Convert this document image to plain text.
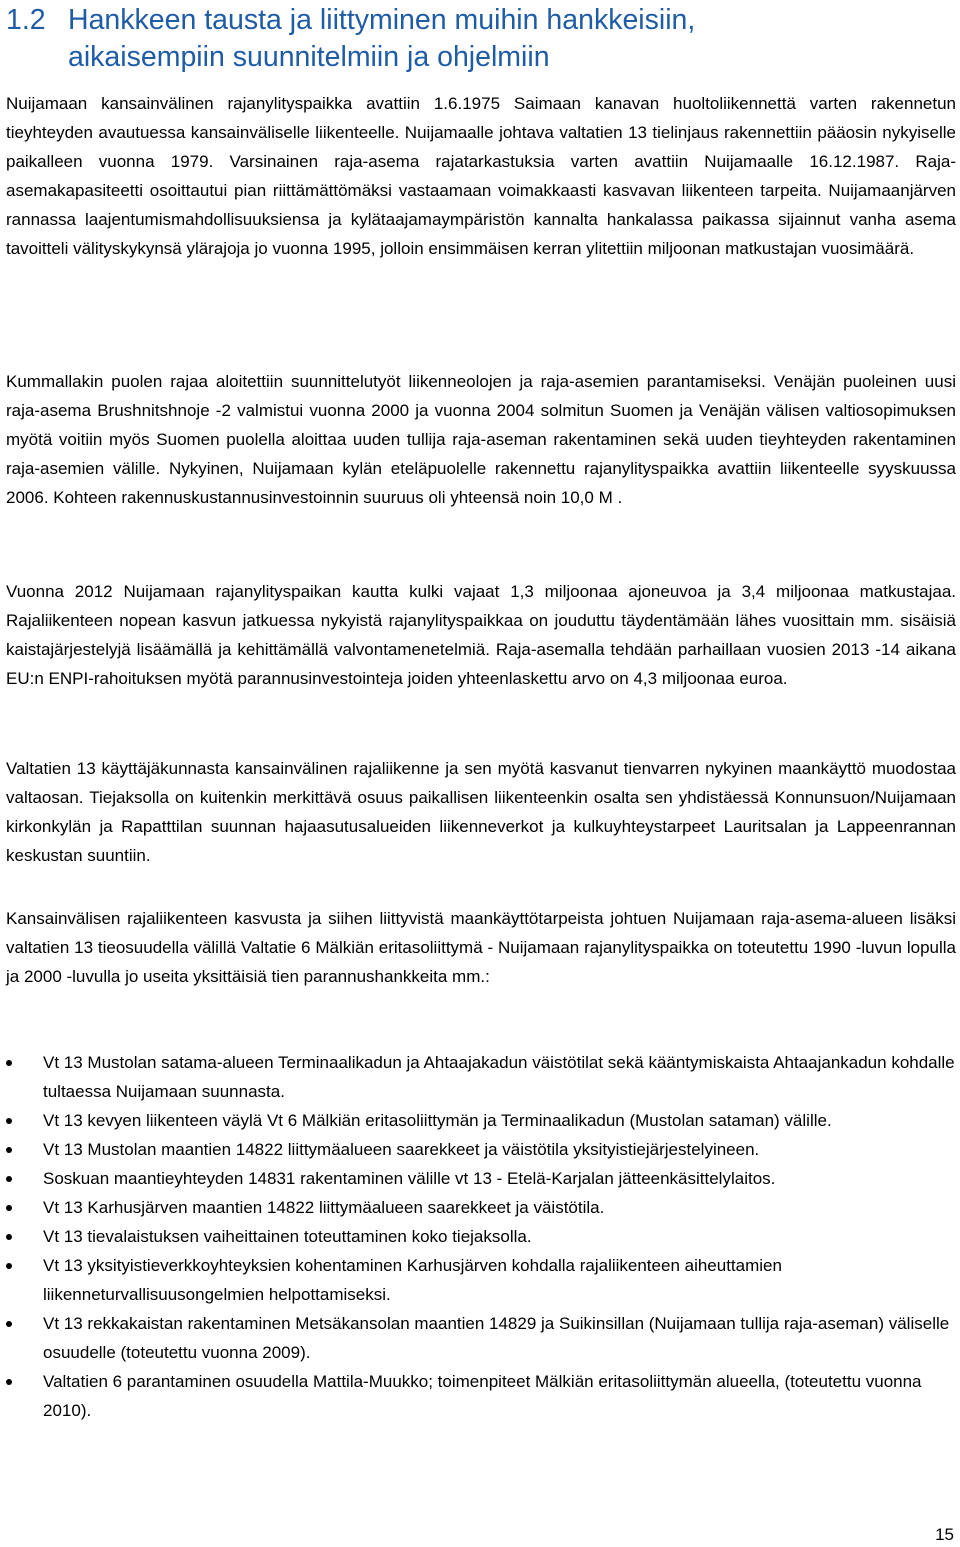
1.2 Hankkeen tausta ja liittyminen muihin hankkeisiin,
aikaisempiin suunnitelmiin ja ohjelmiin

Nuijamaan kansainvälinen rajanylityspaikka avattiin 1.6.1975 Saimaan kanavan huoltoliikennettä varten rakennetun tieyhteyden avautuessa kansainväliselle liikenteelle. Nuijamaalle johtava valtatien 13 tielinjaus rakennettiin pääosin nykyiselle paikalleen vuonna 1979. Varsinainen raja-asema rajatarkastuksia varten avattiin Nuijamaalle 16.12.1987. Raja-asemakapasiteetti osoittautui pian riittämättömäksi vastaamaan voimakkaasti kasvavan liikenteen tarpeita. Nuijamaanjärven rannassa laajentumismahdollisuuksiensa ja kylätaajamaympäristön kannalta hankalassa paikassa sijainnut vanha asema tavoitteli välityskykynsä ylärajoja jo vuonna 1995, jolloin ensimmäisen kerran ylitettiin miljoonan matkustajan vuosimäärä.

Kummallakin puolen rajaa aloitettiin suunnittelutyöt liikenneolojen ja raja-asemien parantamiseksi. Venäjän puoleinen uusi raja-asema Brushnitshnoje -2 valmistui vuonna 2000 ja vuonna 2004 solmitun Suomen ja Venäjän välisen valtiosopimuksen myötä voitiin myös Suomen puolella aloittaa uuden tullija raja-aseman rakentaminen sekä uuden tieyhteyden rakentaminen raja-asemien välille. Nykyinen, Nuijamaan kylän eteläpuolelle rakennettu rajanylityspaikka avattiin liikenteelle syyskuussa 2006. Kohteen rakennuskustannusinvestoinnin suuruus oli yhteensä noin 10,0 M .

Vuonna 2012 Nuijamaan rajanylityspaikan kautta kulki vajaat 1,3 miljoonaa ajoneuvoa ja 3,4 miljoonaa matkustajaa. Rajaliikenteen nopean kasvun jatkuessa nykyistä rajanylityspaikkaa on jouduttu täydentämään lähes vuosittain mm. sisäisiä kaistajärjestelyjä lisäämällä ja kehittämällä valvontamenetelmiä. Raja-asemalla tehdään parhaillaan vuosien 2013 -14 aikana EU:n ENPI-rahoituksen myötä parannusinvestointeja joiden yhteenlaskettu arvo on 4,3 miljoonaa euroa.

Valtatien 13 käyttäjäkunnasta kansainvälinen rajaliikenne ja sen myötä kasvanut tienvarren nykyinen maankäyttö muodostaa valtaosan. Tiejaksolla on kuitenkin merkittävä osuus paikallisen liikenteenkin osalta sen yhdistäessä Konnunsuon/Nuijamaan kirkonkylän ja Rapatttilan suunnan hajaasutusalueiden liikenneverkot ja kulkuyhteystarpeet Lauritsalan ja Lappeenrannan keskustan suuntiin.

Kansainvälisen rajaliikenteen kasvusta ja siihen liittyvistä maankäyttötarpeista johtuen Nuijamaan raja-asema-alueen lisäksi valtatien 13 tieosuudella välillä Valtatie 6 Mälkiän eritasoliittymä - Nuijamaan rajanylityspaikka on toteutettu 1990 -luvun lopulla ja 2000 -luvulla jo useita yksittäisiä tien parannushankkeita mm.:

Vt 13 Mustolan satama-alueen Terminaalikadun ja Ahtaajakadun väistötilat sekä kääntymiskaista Ahtaajankadun kohdalle tultaessa Nuijamaan suunnasta.
Vt 13 kevyen liikenteen väylä Vt 6 Mälkiän eritasoliittymän ja Terminaalikadun (Mustolan sataman) välille.
Vt 13 Mustolan maantien 14822 liittymäalueen saarekkeet ja väistötila yksityistiejärjestelyineen.
Soskuan maantieyhteyden 14831 rakentaminen välille vt 13 - Etelä-Karjalan jätteenkäsittelylaitos.
Vt 13 Karhusjärven maantien 14822 liittymäalueen saarekkeet ja väistötila.
Vt 13 tievalaistuksen vaiheittainen toteuttaminen koko tiejaksolla.
Vt 13 yksityistieverkkoyhteyksien kohentaminen Karhusjärven kohdalla rajaliikenteen aiheuttamien liikenneturvallisuusongelmien helpottamiseksi.
Vt 13 rekkakaistan rakentaminen Metsäkansolan maantien 14829 ja Suikinsillan (Nuijamaan tullija raja-aseman) väliselle osuudelle (toteutettu vuonna 2009).
Valtatien 6 parantaminen osuudella Mattila-Muukko; toimenpiteet Mälkiän eritasoliittymän alueella, (toteutettu vuonna 2010).
15
